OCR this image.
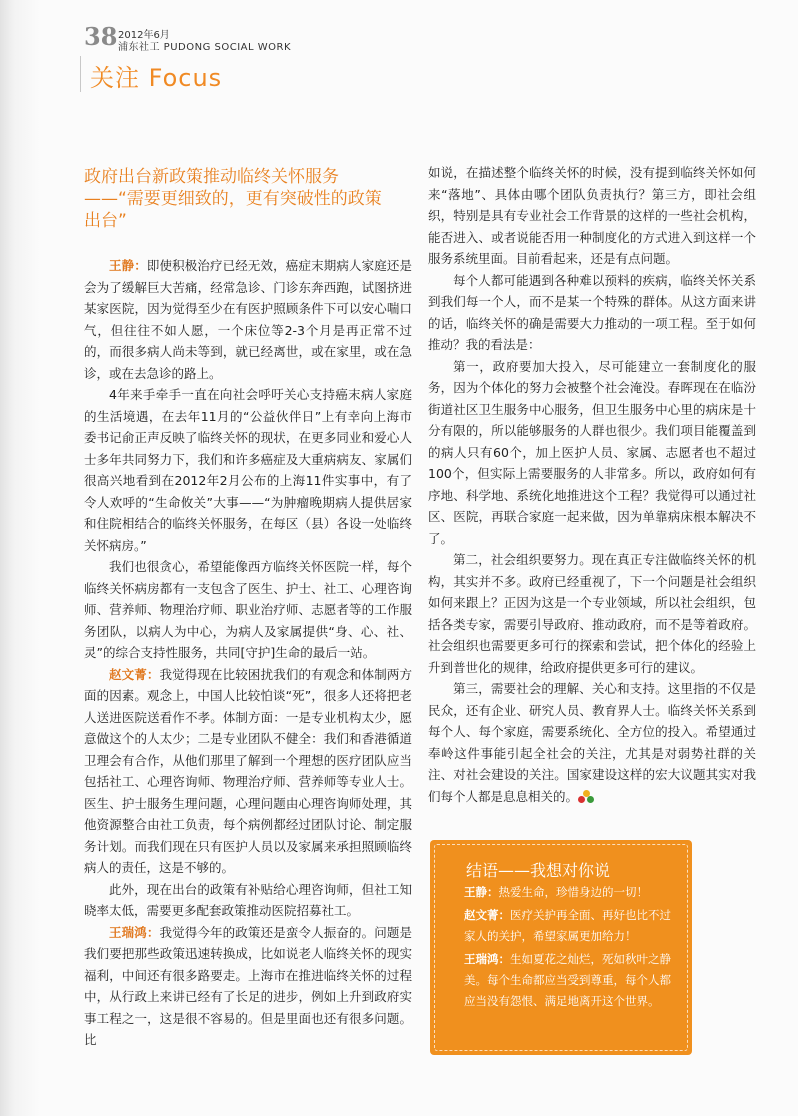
38 2012年6月
浦东社工 PUDONG SOCIAL WORK
关注 Focus
政府出台新政策推动临终关怀服务
——“需要更细致的，更有突破性的政策
出台”

王静：即使积极治疗已经无效，癌症末期病人家庭还是会为了缓解巨大苦痛，经常急诊、门诊东奔西跑，试图挤进某家医院，因为觉得至少在有医护照顾条件下可以安心喘口气，但往往不如人愿，一个床位等2-3个月是再正常不过的，而很多病人尚未等到，就已经离世，或在家里，或在急诊，或在去急诊的路上。

4年来手牵手一直在向社会呼吁关心支持癌末病人家庭的生活境遇，在去年11月的“公益伙伴日”上有幸向上海市委书记俞正声反映了临终关怀的现状，在更多同业和爱心人士多年共同努力下，我们和许多癌症及大重病病友、家属们很高兴地看到在2012年2月公布的上海11件实事中，有了令人欢呼的“生命攸关”大事——“为肿瘤晚期病人提供居家和住院相结合的临终关怀服务，在每区（县）各设一处临终关怀病房。”

我们也很贪心，希望能像西方临终关怀医院一样，每个临终关怀病房都有一支包含了医生、护士、社工、心理咨询师、营养师、物理治疗师、职业治疗师、志愿者等的工作服务团队，以病人为中心，为病人及家属提供“身、心、社、灵”的综合支持性服务，共同[守护]生命的最后一站。

赵文菁：我觉得现在比较困扰我们的有观念和体制两方面的因素。观念上，中国人比较怕谈“死”，很多人还将把老人送进医院送看作不孝。体制方面：一是专业机构太少，愿意做这个的人太少；二是专业团队不健全：我们和香港循道卫理会有合作，从他们那里了解到一个理想的医疗团队应当包括社工、心理咨询师、物理治疗师、营养师等专业人士。医生、护士服务生理问题，心理问题由心理咨询师处理，其他资源整合由社工负责，每个病例都经过团队讨论、制定服务计划。而我们现在只有医护人员以及家属来承担照顾临终病人的责任，这是不够的。

此外，现在出台的政策有补贴给心理咨询师，但社工知晓率太低，需要更多配套政策推动医院招募社工。

王瑞鸿：我觉得今年的政策还是蛮令人振奋的。问题是我们要把那些政策迅速转换成，比如说老人临终关怀的现实福利，中间还有很多路要走。上海市在推进临终关怀的过程中，从行政上来讲已经有了长足的进步，例如上升到政府实事工程之一，这是很不容易的。但是里面也还有很多问题。比

如说，在描述整个临终关怀的时候，没有提到临终关怀如何来“落地”、具体由哪个团队负责执行？第三方，即社会组织，特别是具有专业社会工作背景的这样的一些社会机构，能否进入、或者说能否用一种制度化的方式进入到这样一个服务系统里面。目前看起来，还是有点问题。

每个人都可能遇到各种难以预料的疾病，临终关怀关系到我们每一个人，而不是某一个特殊的群体。从这方面来讲的话，临终关怀的确是需要大力推动的一项工程。至于如何推动？我的看法是：

第一，政府要加大投入，尽可能建立一套制度化的服务，因为个体化的努力会被整个社会淹没。春晖现在在临汾街道社区卫生服务中心服务，但卫生服务中心里的病床是十分有限的，所以能够服务的人群也很少。我们项目能覆盖到的病人只有60个，加上医护人员、家属、志愿者也不超过100个，但实际上需要服务的人非常多。所以，政府如何有序地、科学地、系统化地推进这个工程？我觉得可以通过社区、医院，再联合家庭一起来做，因为单靠病床根本解决不了。

第二，社会组织要努力。现在真正专注做临终关怀的机构，其实并不多。政府已经重视了，下一个问题是社会组织如何来跟上？正因为这是一个专业领域，所以社会组织，包括各类专家，需要引导政府、推动政府，而不是等着政府。社会组织也需要更多可行的探索和尝试，把个体化的经验上升到普世化的规律，给政府提供更多可行的建议。

第三，需要社会的理解、关心和支持。这里指的不仅是民众，还有企业、研究人员、教育界人士。临终关怀关系到每个人、每个家庭，需要系统化、全方位的投入。希望通过奉岭这件事能引起全社会的关注，尤其是对弱势社群的关注、对社会建设的关注。国家建设这样的宏大议题其实对我们每个人都是息息相关的。

结语——我想对你说
王静：热爱生命，珍惜身边的一切！
赵文菁：医疗关护再全面、再好也比不过家人的关护，希望家属更加给力！
王瑞鸿：生如夏花之灿烂，死如秋叶之静美。每个生命都应当受到尊重，每个人都应当没有怨恨、满足地离开这个世界。
